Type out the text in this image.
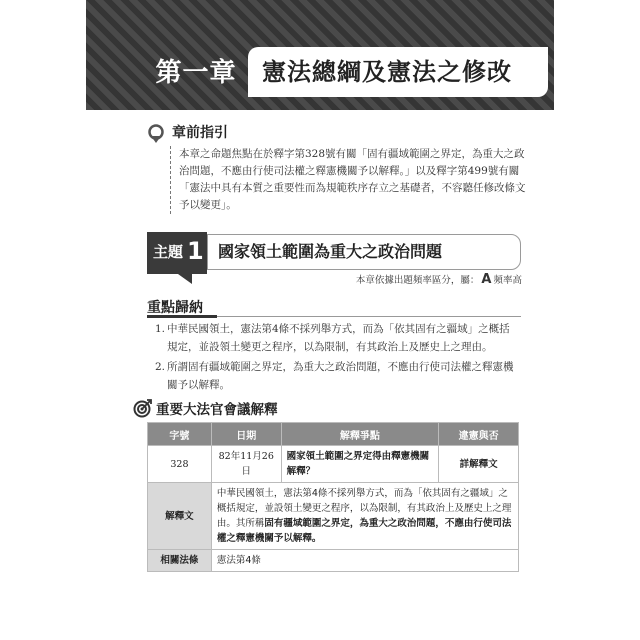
第一章	憲法總綱及憲法之修改
章前指引
本章之命題焦點在於釋字第328號有關「固有疆域範圍之界定，為重大之政治問題，不應由行使司法權之釋憲機關予以解釋。」以及釋字第499號有關「憲法中具有本質之重要性而為規範秩序存立之基礎者，不容聽任修改條文予以變更」。
主題 1 國家領土範圍為重大之政治問題
本章依據出題頻率區分，屬： A 頻率高
重點歸納
1. 中華民國領土，憲法第4條不採列舉方式，而為「依其固有之疆域」之概括規定，並設領土變更之程序，以為限制，有其政治上及歷史上之理由。
2. 所謂固有疆域範圍之界定，為重大之政治問題，不應由行使司法權之釋憲機關予以解釋。
重要大法官會議解釋
字號	日期	解釋爭點	違憲與否
328	82年11月26日	國家領土範圍之界定得由釋憲機關解釋？	詳解釋文
解釋文	中華民國領土，憲法第4條不採列舉方式，而為「依其固有之疆域」之概括規定，並設領土變更之程序，以為限制，有其政治上及歷史上之理由。其所稱固有疆域範圍之界定，為重大之政治問題，不應由行使司法權之釋憲機關予以解釋。		
相關法條	憲法第4條		
